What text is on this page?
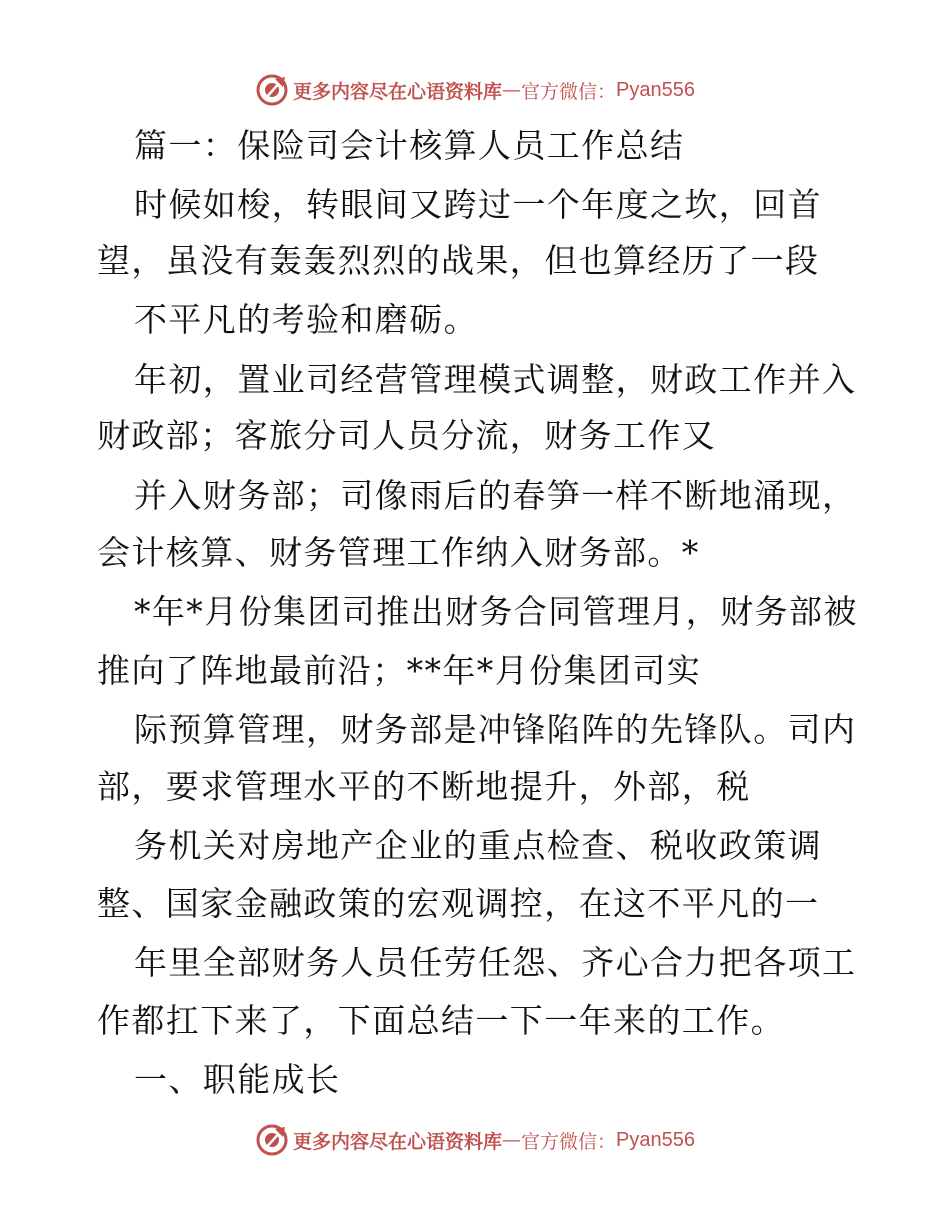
更多内容尽在心语资料库 — 官方微信： Pyan556
篇一：保险司会计核算人员工作总结
时候如梭，转眼间又跨过一个年度之坎，回首
望，虽没有轰轰烈烈的战果，但也算经历了一段
不平凡的考验和磨砺。
年初，置业司经营管理模式调整，财政工作并入
财政部；客旅分司人员分流，财务工作又
并入财务部；司像雨后的春笋一样不断地涌现，
会计核算、财务管理工作纳入财务部。*
*年*月份集团司推出财务合同管理月，财务部被
推向了阵地最前沿；**年*月份集团司实
际预算管理，财务部是冲锋陷阵的先锋队。司内
部，要求管理水平的不断地提升，外部，税
务机关对房地产企业的重点检查、税收政策调
整、国家金融政策的宏观调控，在这不平凡的一
年里全部财务人员任劳任怨、齐心合力把各项工
作都扛下来了，下面总结一下一年来的工作。
一、职能成长
更多内容尽在心语资料库 — 官方微信： Pyan556
